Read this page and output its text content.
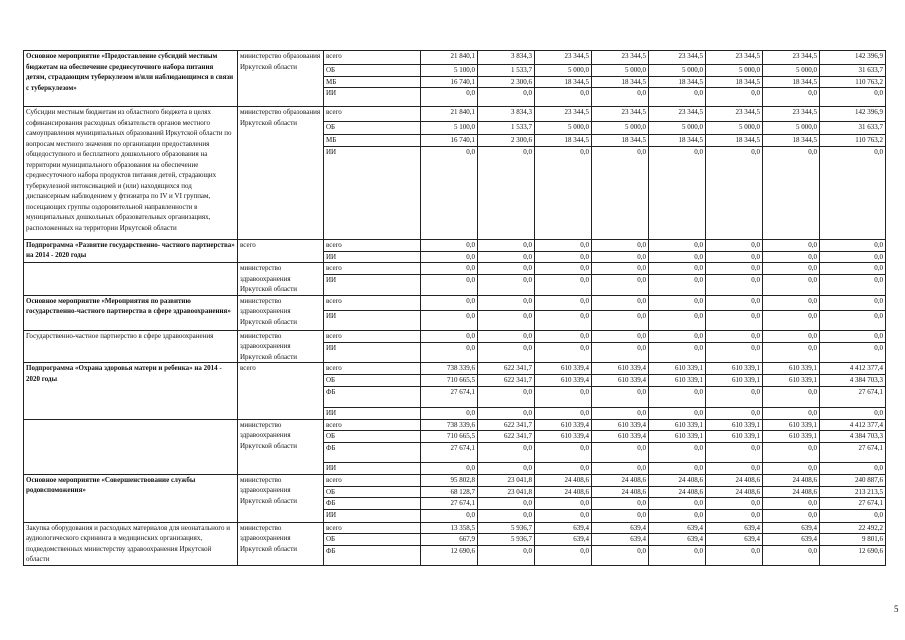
Основное мероприятие «Предоставление субсидий местным бюджетам на обеспечение среднесуточного набора питания детям, страдающим туберкулезом и/или наблюдающимся в связи с туберкулезом»	министерство образования Иркутской области	всего	21 840,1	3 834,3	23 344,5	23 344,5	23 344,5	23 344,5	23 344,5	142 396,9
		ОБ	5 100,0	1 533,7	5 000,0	5 000,0	5 000,0	5 000,0	5 000,0	31 633,7
		МБ	16 740,1	2 300,6	18 344,5	18 344,5	18 344,5	18 344,5	18 344,5	110 763,2
		ИИ	0,0	0,0	0,0	0,0	0,0	0,0	0,0	0,0
Субсидии местным бюджетам из областного бюджета в целях софинансирования расходных обязательств органов местного самоуправления муниципальных образований Иркутской области по вопросам местного значения по организации предоставления общедоступного и бесплатного дошкольного образования на территории муниципального образования на обеспечение среднесуточного набора продуктов питания детей, страдающих туберкулезной интоксикацией и (или) находящихся под диспансерным наблюдением у фтизиатра по IV и VI группам, посещающих группы оздоровительной направленности в муниципальных дошкольных образовательных организациях, расположенных на территории Иркутской области	министерство образования Иркутской области	всего	21 840,1	3 834,3	23 344,5	23 344,5	23 344,5	23 344,5	23 344,5	142 396,9
		ОБ	5 100,0	1 533,7	5 000,0	5 000,0	5 000,0	5 000,0	5 000,0	31 633,7
		МБ	16 740,1	2 300,6	18 344,5	18 344,5	18 344,5	18 344,5	18 344,5	110 763,2
		ИИ	0,0	0,0	0,0	0,0	0,0	0,0	0,0	0,0
Подпрограмма «Развитие государственно- частного партнерства» на 2014 - 2020 годы	всего	всего	0,0	0,0	0,0	0,0	0,0	0,0	0,0	0,0
		ИИ	0,0	0,0	0,0	0,0	0,0	0,0	0,0	0,0
	министерство здравоохранения Иркутской области	всего	0,0	0,0	0,0	0,0	0,0	0,0	0,0	0,0
		ИИ	0,0	0,0	0,0	0,0	0,0	0,0	0,0	0,0
Основное мероприятие «Мероприятия по развитию государственно-частного партнерства в сфере здравоохранения»	министерство здравоохранения Иркутской области	всего	0,0	0,0	0,0	0,0	0,0	0,0	0,0	0,0
		ИИ	0,0	0,0	0,0	0,0	0,0	0,0	0,0	0,0
Государственно-частное партнерство в сфере здравоохранения	министерство здравоохранения Иркутской области	всего	0,0	0,0	0,0	0,0	0,0	0,0	0,0	0,0
		ИИ	0,0	0,0	0,0	0,0	0,0	0,0	0,0	0,0
Подпрограмма «Охрана здоровья матери и ребенка» на 2014 - 2020 годы	всего	всего	738 339,6	622 341,7	610 339,4	610 339,4	610 339,1	610 339,1	610 339,1	4 412 377,4
		ОБ	710 665,5	622 341,7	610 339,4	610 339,4	610 339,1	610 339,1	610 339,1	4 384 703,3
		ФБ	27 674,1	0,0	0,0	0,0	0,0	0,0	0,0	27 674,1
		ИИ	0,0	0,0	0,0	0,0	0,0	0,0	0,0	0,0
	министерство здравоохранения Иркутской области	всего	738 339,6	622 341,7	610 339,4	610 339,4	610 339,1	610 339,1	610 339,1	4 412 377,4
		ОБ	710 665,5	622 341,7	610 339,4	610 339,4	610 339,1	610 339,1	610 339,1	4 384 703,3
		ФБ	27 674,1	0,0	0,0	0,0	0,0	0,0	0,0	27 674,1
		ИИ	0,0	0,0	0,0	0,0	0,0	0,0	0,0	0,0
Основное мероприятие «Совершенствование службы родовспоможения»	министерство здравоохранения Иркутской области	всего	95 802,8	23 041,8	24 408,6	24 408,6	24 408,6	24 408,6	24 408,6	240 887,6
		ОБ	68 128,7	23 041,8	24 408,6	24 408,6	24 408,6	24 408,6	24 408,6	213 213,5
		ФБ	27 674,1	0,0	0,0	0,0	0,0	0,0	0,0	27 674,1
		ИИ	0,0	0,0	0,0	0,0	0,0	0,0	0,0	0,0
Закупка оборудования и расходных материалов для неонатального и аудиологического скрининга в медицинских организациях, подведомственных министерству здравоохранения Иркутской области	министерство здравоохранения Иркутской области	всего	13 358,5	5 936,7	639,4	639,4	639,4	639,4	639,4	22 492,2
		ОБ	667,9	5 936,7	639,4	639,4	639,4	639,4	639,4	9 801,6
		ФБ	12 690,6	0,0	0,0	0,0	0,0	0,0	0,0	12 690,6
5
